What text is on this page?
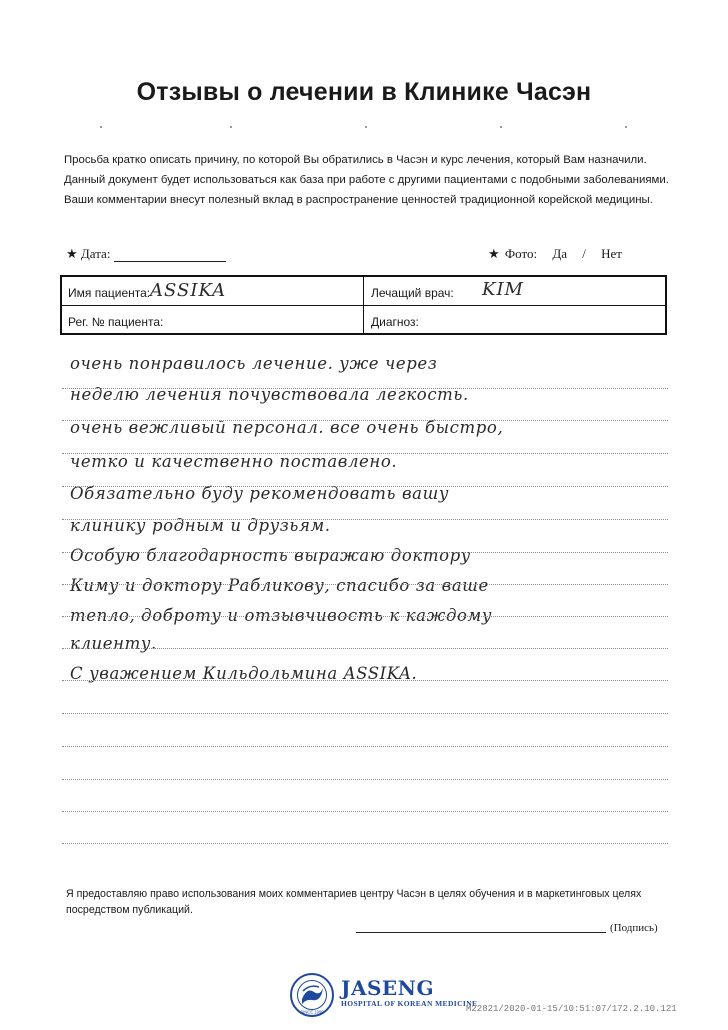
Отзывы о лечении в Клинике Часэн
Просьба кратко описать причину, по которой Вы обратились в Часэн и курс лечения, который Вам назначили.
Данный документ будет использоваться как база при работе с другими пациентами с подобными заболеваниями.
Ваши комментарии внесут полезный вклад в распространение ценностей традиционной корейской медицины.
★ Дата:	★ Фото: Да / Нет
Имя пациента: ASSIKA	Лечащий врач: KIM
Рег. № пациента:	Диагноз:
очень понравилось лечение. уже через
неделю лечения почувствовала легкость.
очень вежливый персонал. все очень быстро,
четко и качественно поставлено.
Обязательно буду рекомендовать вашу
клинику родным и друзьям.
Особую благодарность выражаю доктору
Киму и доктору Рабликову, спасибо за ваше
тепло, доброту и отзывчивость к каждому
клиенту.
С уважением Кильдольмина ASSIKA.
Я предоставляю право использования моих комментариев центру Часэн в целях обучения и в маркетинговых целях посредством публикаций.
(Подпись)
SINCE 1990
JASENG
HOSPITAL OF KOREAN MEDICINE
M22821/2020-01-15/10:51:07/172.2.10.121
